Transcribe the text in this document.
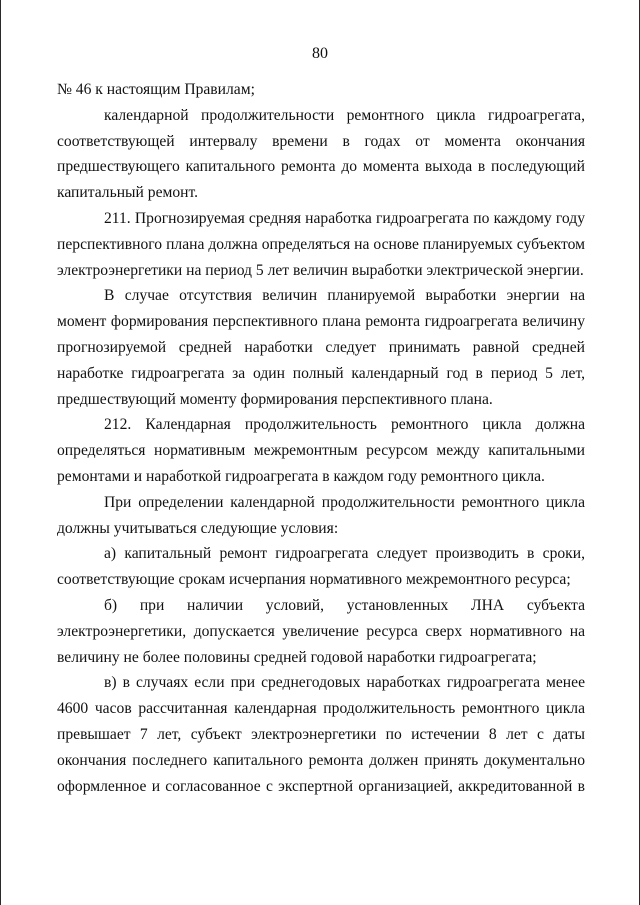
80

№ 46 к настоящим Правилам;

календарной продолжительности ремонтного цикла гидроагрегата, соответствующей интервалу времени в годах от момента окончания предшествующего капитального ремонта до момента выхода в последующий капитальный ремонт.

211. Прогнозируемая средняя наработка гидроагрегата по каждому году перспективного плана должна определяться на основе планируемых субъектом электроэнергетики на период 5 лет величин выработки электрической энергии.

В случае отсутствия величин планируемой выработки энергии на момент формирования перспективного плана ремонта гидроагрегата величину прогнозируемой средней наработки следует принимать равной средней наработке гидроагрегата за один полный календарный год в период 5 лет, предшествующий моменту формирования перспективного плана.

212. Календарная продолжительность ремонтного цикла должна определяться нормативным межремонтным ресурсом между капитальными ремонтами и наработкой гидроагрегата в каждом году ремонтного цикла.

При определении календарной продолжительности ремонтного цикла должны учитываться следующие условия:

а) капитальный ремонт гидроагрегата следует производить в сроки, соответствующие срокам исчерпания нормативного межремонтного ресурса;

б) при наличии условий, установленных ЛНА субъекта электроэнергетики, допускается увеличение ресурса сверх нормативного на величину не более половины средней годовой наработки гидроагрегата;

в) в случаях если при среднегодовых наработках гидроагрегата менее 4600 часов рассчитанная календарная продолжительность ремонтного цикла превышает 7 лет, субъект электроэнергетики по истечении 8 лет с даты окончания последнего капитального ремонта должен принять документально оформленное и согласованное с экспертной организацией, аккредитованной в
